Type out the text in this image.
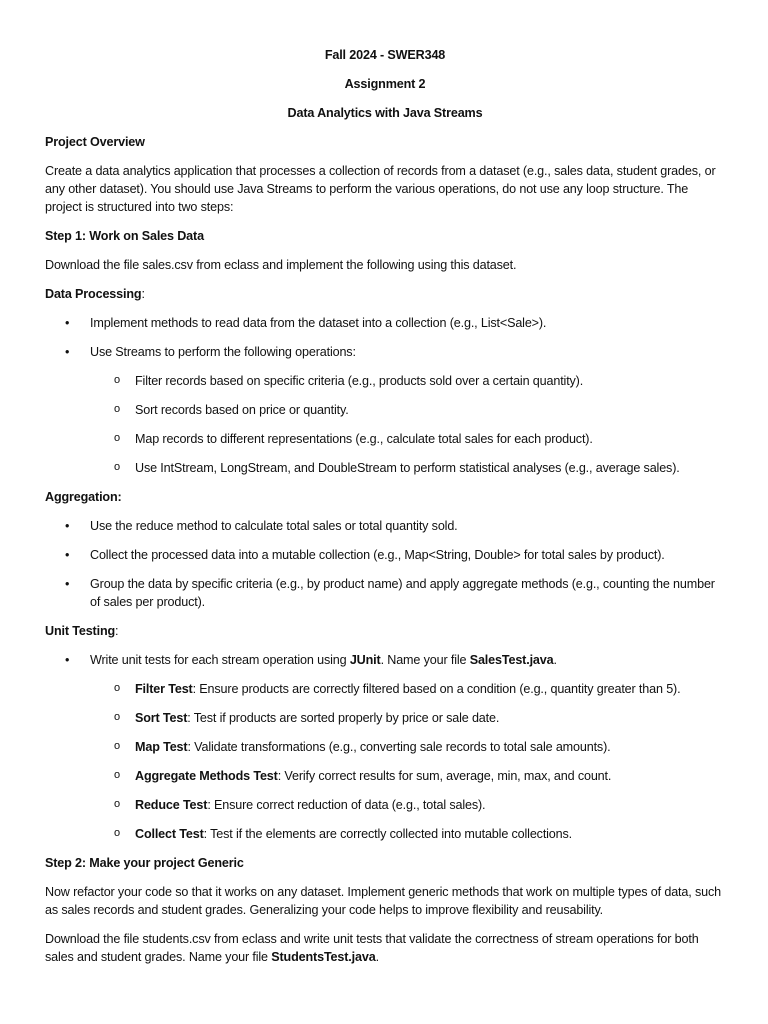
Fall 2024 - SWER348
Assignment 2
Data Analytics with Java Streams
Project Overview

Create a data analytics application that processes a collection of records from a dataset (e.g., sales data, student grades, or any other dataset). You should use Java Streams to perform the various operations, do not use any loop structure. The project is structured into two steps:

Step 1: Work on Sales Data

Download the file sales.csv from eclass and implement the following using this dataset.

Data Processing:
• Implement methods to read data from the dataset into a collection (e.g., List<Sale>).
• Use Streams to perform the following operations:
o Filter records based on specific criteria (e.g., products sold over a certain quantity).
o Sort records based on price or quantity.
o Map records to different representations (e.g., calculate total sales for each product).
o Use IntStream, LongStream, and DoubleStream to perform statistical analyses (e.g., average sales).
Aggregation:
• Use the reduce method to calculate total sales or total quantity sold.
• Collect the processed data into a mutable collection (e.g., Map<String, Double> for total sales by product).
• Group the data by specific criteria (e.g., by product name) and apply aggregate methods (e.g., counting the number of sales per product).
Unit Testing:
• Write unit tests for each stream operation using JUnit. Name your file SalesTest.java.
o Filter Test: Ensure products are correctly filtered based on a condition (e.g., quantity greater than 5).
o Sort Test: Test if products are sorted properly by price or sale date.
o Map Test: Validate transformations (e.g., converting sale records to total sale amounts).
o Aggregate Methods Test: Verify correct results for sum, average, min, max, and count.
o Reduce Test: Ensure correct reduction of data (e.g., total sales).
o Collect Test: Test if the elements are correctly collected into mutable collections.
Step 2: Make your project Generic

Now refactor your code so that it works on any dataset. Implement generic methods that work on multiple types of data, such as sales records and student grades. Generalizing your code helps to improve flexibility and reusability.

Download the file students.csv from eclass and write unit tests that validate the correctness of stream operations for both sales and student grades. Name your file StudentsTest.java.
